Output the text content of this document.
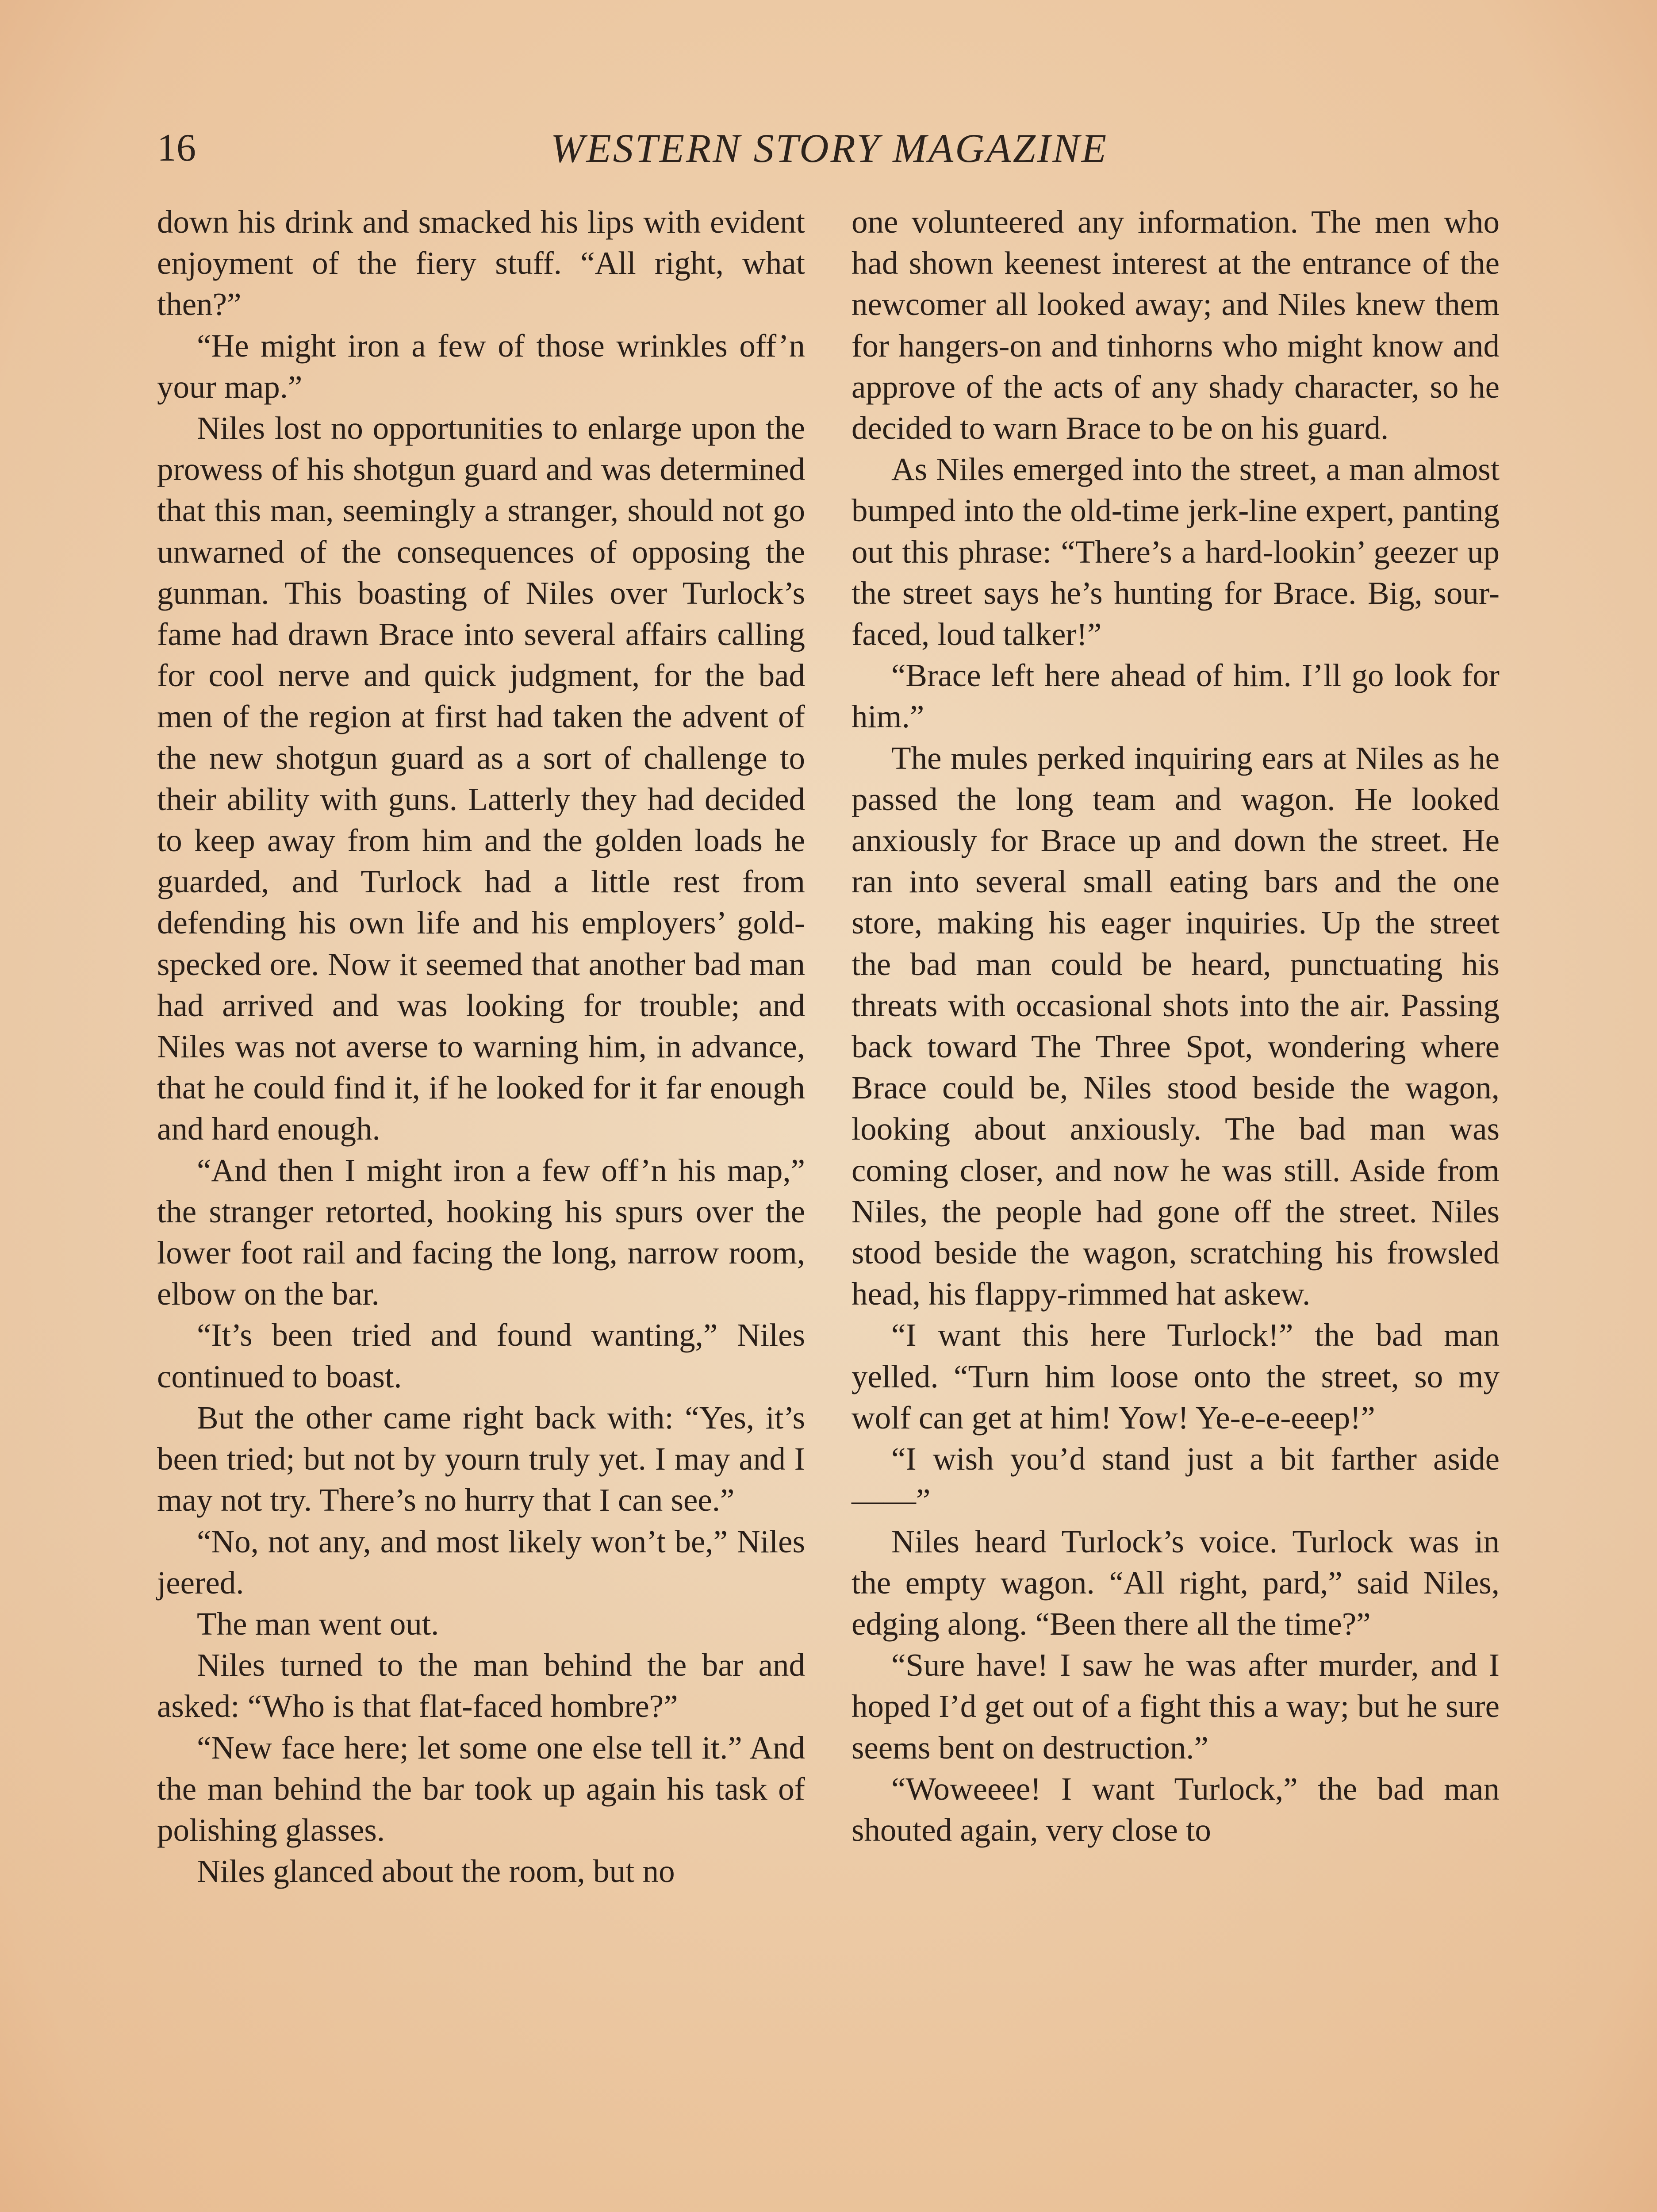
16	WESTERN STORY MAGAZINE

down his drink and smacked his lips with evident enjoyment of the fiery stuff. “All right, what then?”

“He might iron a few of those wrinkles off’n your map.”

Niles lost no opportunities to enlarge upon the prowess of his shotgun guard and was determined that this man, seemingly a stranger, should not go unwarned of the consequences of opposing the gunman. This boasting of Niles over Turlock’s fame had drawn Brace into several affairs calling for cool nerve and quick judgment, for the bad men of the region at first had taken the advent of the new shotgun guard as a sort of challenge to their ability with guns. Latterly they had decided to keep away from him and the golden loads he guarded, and Turlock had a little rest from defending his own life and his employers’ gold-specked ore. Now it seemed that another bad man had arrived and was looking for trouble; and Niles was not averse to warning him, in advance, that he could find it, if he looked for it far enough and hard enough.

“And then I might iron a few off’n his map,” the stranger retorted, hooking his spurs over the lower foot rail and facing the long, narrow room, elbow on the bar.

“It’s been tried and found wanting,” Niles continued to boast.

But the other came right back with: “Yes, it’s been tried; but not by yourn truly yet. I may and I may not try. There’s no hurry that I can see.”

“No, not any, and most likely won’t be,” Niles jeered.

The man went out.

Niles turned to the man behind the bar and asked: “Who is that flat-faced hombre?”

“New face here; let some one else tell it.” And the man behind the bar took up again his task of polishing glasses.

Niles glanced about the room, but no

one volunteered any information. The men who had shown keenest interest at the entrance of the newcomer all looked away; and Niles knew them for hangers-on and tinhorns who might know and approve of the acts of any shady character, so he decided to warn Brace to be on his guard.

As Niles emerged into the street, a man almost bumped into the old-time jerk-line expert, panting out this phrase: “There’s a hard-lookin’ geezer up the street says he’s hunting for Brace. Big, sour-faced, loud talker!”

“Brace left here ahead of him. I’ll go look for him.”

The mules perked inquiring ears at Niles as he passed the long team and wagon. He looked anxiously for Brace up and down the street. He ran into several small eating bars and the one store, making his eager inquiries. Up the street the bad man could be heard, punctuating his threats with occasional shots into the air. Passing back toward The Three Spot, wondering where Brace could be, Niles stood beside the wagon, looking about anxiously. The bad man was coming closer, and now he was still. Aside from Niles, the people had gone off the street. Niles stood beside the wagon, scratching his frowsled head, his flappy-rimmed hat askew.

“I want this here Turlock!” the bad man yelled. “Turn him loose onto the street, so my wolf can get at him! Yow! Ye-e-e-eeep!”

“I wish you’d stand just a bit farther aside——”

Niles heard Turlock’s voice. Turlock was in the empty wagon. “All right, pard,” said Niles, edging along. “Been there all the time?”

“Sure have! I saw he was after murder, and I hoped I’d get out of a fight this a way; but he sure seems bent on destruction.”

“Woweeee! I want Turlock,” the bad man shouted again, very close to
